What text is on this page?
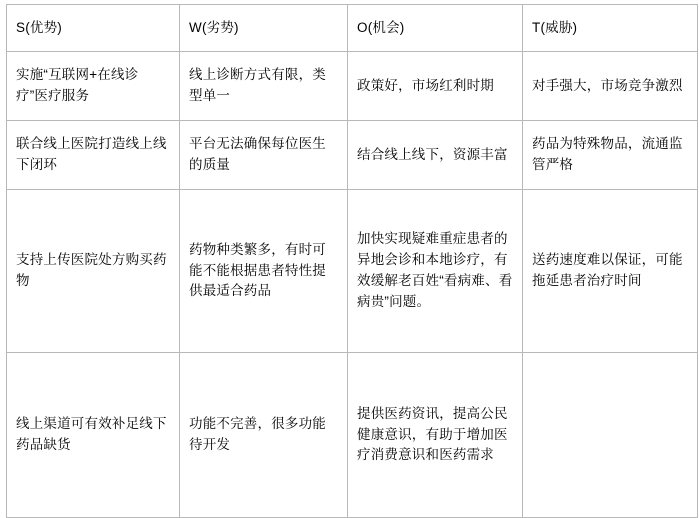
S(优势)	W(劣势)	O(机会)	T(威胁)
实施“互联网+在线诊疗”医疗服务	线上诊断方式有限，类型单一	政策好，市场红利时期	对手强大，市场竞争激烈
联合线上医院打造线上线下闭环	平台无法确保每位医生的质量	结合线上线下，资源丰富	药品为特殊物品，流通监管严格
支持上传医院处方购买药物	药物种类繁多，有时可能不能根据患者特性提供最适合药品	加快实现疑难重症患者的异地会诊和本地诊疗，有效缓解老百姓“看病难、看病贵”问题。	送药速度难以保证，可能拖延患者治疗时间
线上渠道可有效补足线下药品缺货	功能不完善，很多功能待开发	提供医药资讯，提高公民健康意识，有助于增加医疗消费意识和医药需求	
